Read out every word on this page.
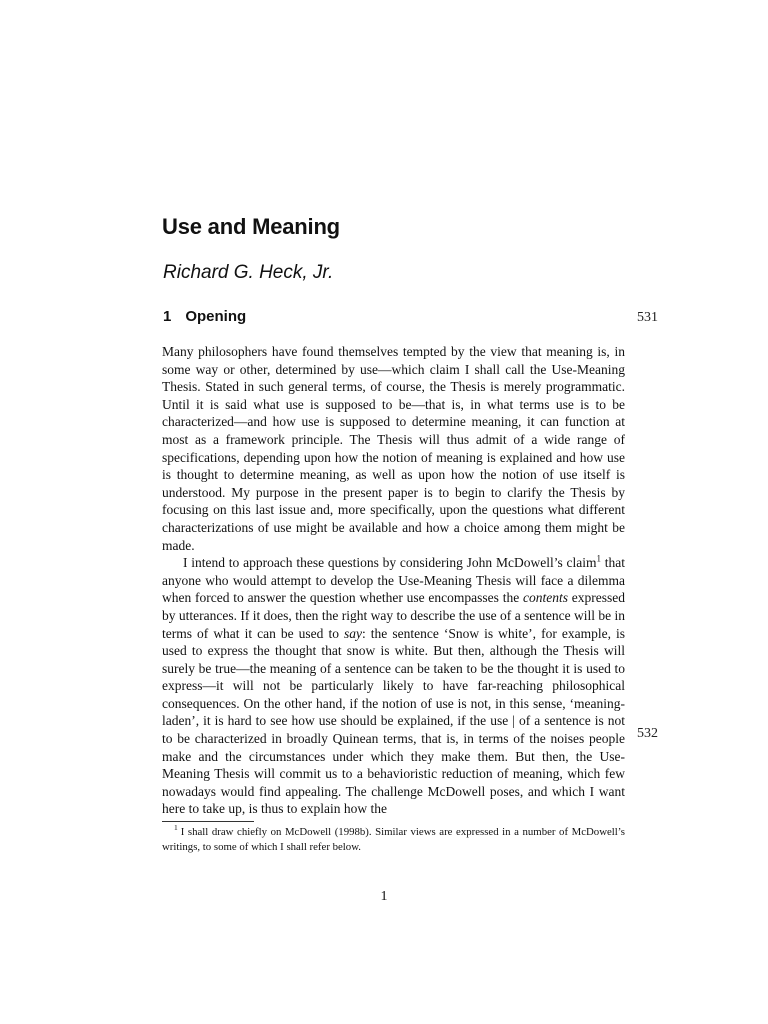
Use and Meaning
Richard G. Heck, Jr.
1 Opening	531
532

Many philosophers have found themselves tempted by the view that meaning is, in some way or other, determined by use—which claim I shall call the Use-Meaning Thesis. Stated in such general terms, of course, the Thesis is merely programmatic. Until it is said what use is supposed to be—that is, in what terms use is to be characterized—and how use is supposed to determine meaning, it can function at most as a framework principle. The Thesis will thus admit of a wide range of specifications, depending upon how the notion of meaning is explained and how use is thought to determine meaning, as well as upon how the notion of use itself is understood. My purpose in the present paper is to begin to clarify the Thesis by focusing on this last issue and, more specifically, upon the questions what different characterizations of use might be available and how a choice among them might be made.

I intend to approach these questions by considering John McDowell’s claim$^1$ that anyone who would attempt to develop the Use-Meaning Thesis will face a dilemma when forced to answer the question whether use encompasses the contents expressed by utterances. If it does, then the right way to describe the use of a sentence will be in terms of what it can be used to say: the sentence ‘Snow is white’, for example, is used to express the thought that snow is white. But then, although the Thesis will surely be true—the meaning of a sentence can be taken to be the thought it is used to express—it will not be particularly likely to have far-reaching philosophical consequences. On the other hand, if the notion of use is not, in this sense, ‘meaning-laden’, it is hard to see how use should be explained, if the use | of a sentence is not to be characterized in broadly Quinean terms, that is, in terms of the noises people make and the circumstances under which they make them. But then, the Use-Meaning Thesis will commit us to a behavioristic reduction of meaning, which few nowadays would find appealing. The challenge McDowell poses, and which I want here to take up, is thus to explain how the

$^1$ I shall draw chiefly on McDowell (1998b). Similar views are expressed in a number of McDowell’s writings, to some of which I shall refer below.

1
